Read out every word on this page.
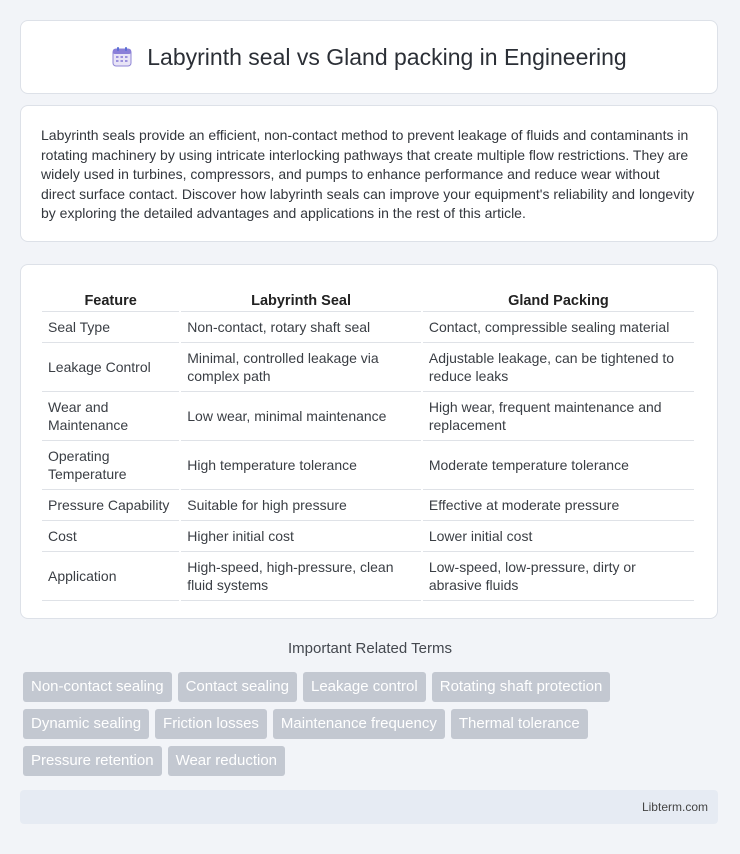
Labyrinth seal vs Gland packing in Engineering

Labyrinth seals provide an efficient, non-contact method to prevent leakage of fluids and contaminants in rotating machinery by using intricate interlocking pathways that create multiple flow restrictions. They are widely used in turbines, compressors, and pumps to enhance performance and reduce wear without direct surface contact. Discover how labyrinth seals can improve your equipment's reliability and longevity by exploring the detailed advantages and applications in the rest of this article.

Feature	Labyrinth Seal	Gland Packing
Seal Type	Non-contact, rotary shaft seal	Contact, compressible sealing material
Leakage Control	Minimal, controlled leakage via complex path	Adjustable leakage, can be tightened to reduce leaks
Wear and Maintenance	Low wear, minimal maintenance	High wear, frequent maintenance and replacement
Operating Temperature	High temperature tolerance	Moderate temperature tolerance
Pressure Capability	Suitable for high pressure	Effective at moderate pressure
Cost	Higher initial cost	Lower initial cost
Application	High-speed, high-pressure, clean fluid systems	Low-speed, low-pressure, dirty or abrasive fluids
Important Related Terms
Non-contact sealing	Contact sealing	Leakage control	Rotating shaft protection
Dynamic sealing	Friction losses	Maintenance frequency	Thermal tolerance
Pressure retention	Wear reduction
Libterm.com
